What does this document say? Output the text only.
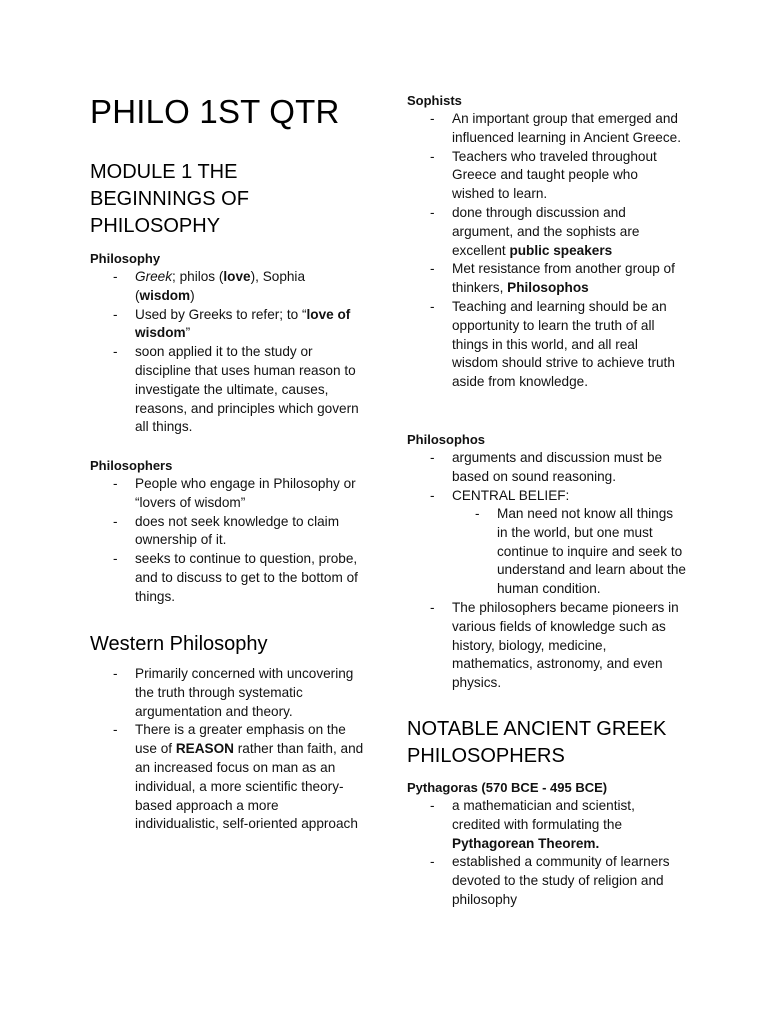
PHILO 1ST QTR
MODULE 1 THE
BEGINNINGS OF
PHILOSOPHY
Philosophy
- Greek; philos (love), Sophia (wisdom)
- Used by Greeks to refer; to “love of wisdom”
- soon applied it to the study or discipline that uses human reason to investigate the ultimate, causes, reasons, and principles which govern all things.
Philosophers
- People who engage in Philosophy or “lovers of wisdom”
- does not seek knowledge to claim ownership of it.
- seeks to continue to question, probe, and to discuss to get to the bottom of things.
Western Philosophy
- Primarily concerned with uncovering the truth through systematic argumentation and theory.
- There is a greater emphasis on the use of REASON rather than faith, and an increased focus on man as an individual, a more scientific theory-based approach a more individualistic, self-oriented approach
Sophists
- An important group that emerged and influenced learning in Ancient Greece.
- Teachers who traveled throughout Greece and taught people who wished to learn.
- done through discussion and argument, and the sophists are excellent public speakers
- Met resistance from another group of thinkers, Philosophos
- Teaching and learning should be an opportunity to learn the truth of all things in this world, and all real wisdom should strive to achieve truth aside from knowledge.
Philosophos
- arguments and discussion must be based on sound reasoning.
- CENTRAL BELIEF:
- Man need not know all things in the world, but one must continue to inquire and seek to understand and learn about the human condition.
- The philosophers became pioneers in various fields of knowledge such as history, biology, medicine, mathematics, astronomy, and even physics.
NOTABLE ANCIENT GREEK
PHILOSOPHERS
Pythagoras (570 BCE - 495 BCE)
- a mathematician and scientist, credited with formulating the Pythagorean Theorem.
- established a community of learners devoted to the study of religion and philosophy
